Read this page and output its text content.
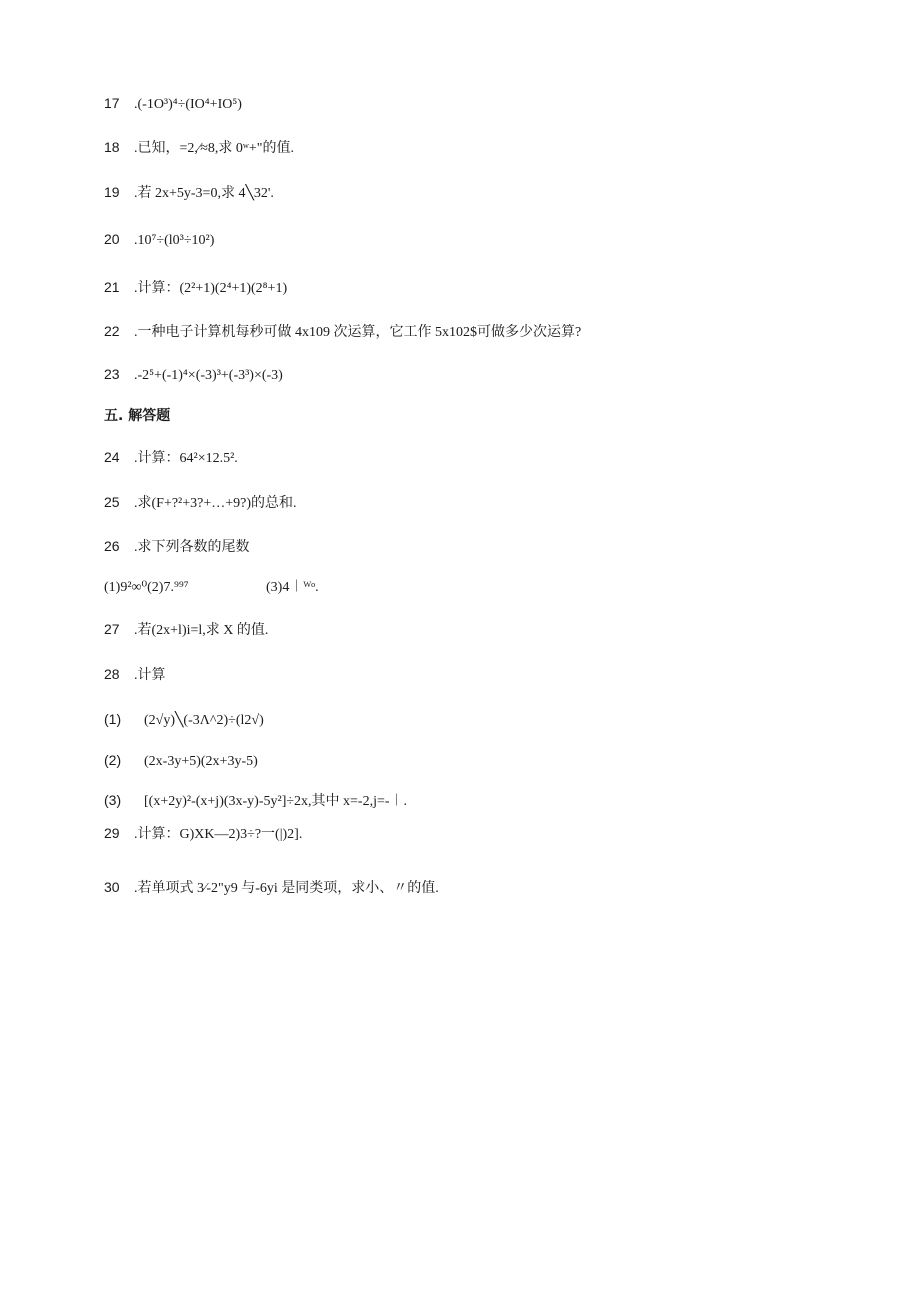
17 .(-1O³)⁴÷(IO⁴+IO⁵)
18 .已知，=2,∕≈8,求 0ʷ+"的值.
19 .若 2x+5y-3=0,求 4╲32'.
20 .10⁷÷(l0³÷10²)
21 .计算：(2²+1)(2⁴+1)(2⁸+1)
22 .一种电子计算机每秒可做 4x109 次运算，它工作 5x102$可做多少次运算?
23 .-2⁵+(-1)⁴×(-3)³+(-3³)×(-3)
五. 解答题
24 .计算：64²×12.5².
25 .求(F+?²+3?+…+9?)的总和.
26 .求下列各数的尾数
(1)9²∞⁰(2)7.⁹⁹⁷	(3)4︱ᵂᵒ.
27 .若(2x+l)i=l,求 X 的值.
28 .计算
(1) (2√y)╲(-3Λ^2)÷(l2√)
(2) (2x-3y+5)(2x+3y-5)
(3) [(x+2y)²-(x+j)(3x-y)-5y²]÷2x,其中 x=-2,j=-︱.
29 .计算：G)XK—2)3÷?一(|)2].
30 .若单项式 3∕-2"y9 与-6yi 是同类项，求小、〃的值.
